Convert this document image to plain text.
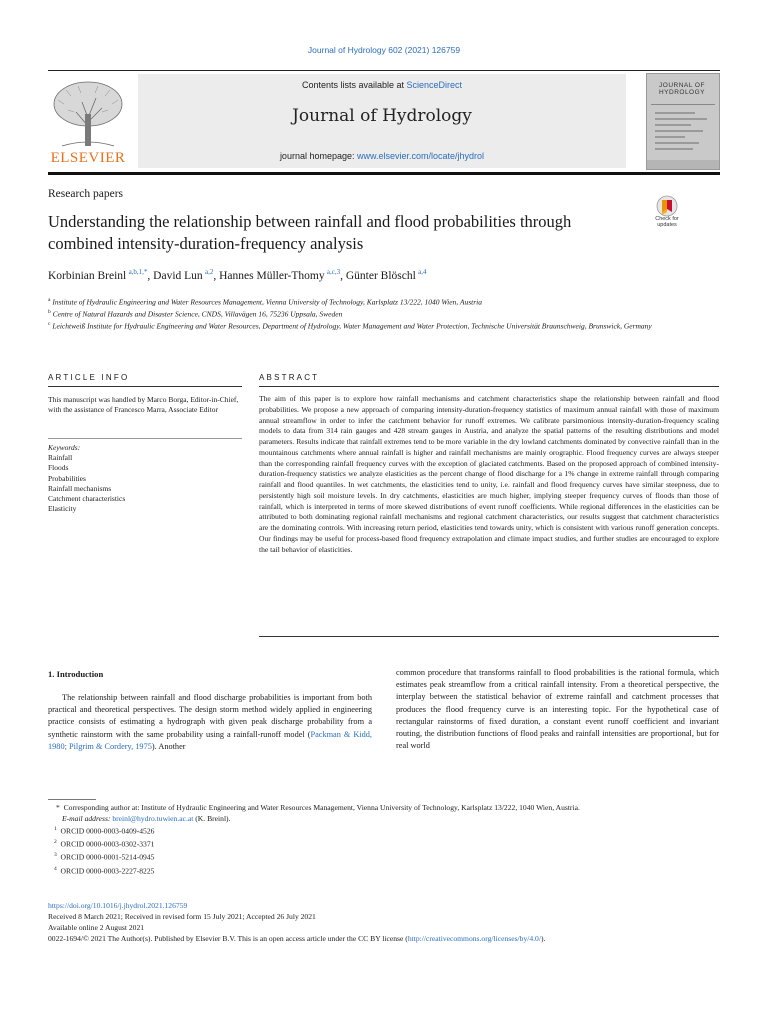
Journal of Hydrology 602 (2021) 126759
ELSEVIER
Contents lists available at ScienceDirect
Journal of Hydrology
journal homepage: www.elsevier.com/locate/jhydrol
JOURNAL OF HYDROLOGY
Research papers
Understanding the relationship between rainfall and flood probabilities through combined intensity-duration-frequency analysis
Check for updates
Korbinian Breinl  $^{a,b,1,*}$, David Lun  $^{a,2}$, Hannes Müller-Thomy  $^{a,c,3}$, Günter Blöschl  $^{a,4}$
$^a$ Institute of Hydraulic Engineering and Water Resources Management, Vienna University of Technology, Karlsplatz 13/222, 1040 Wien, Austria
$^b$ Centre of Natural Hazards and Disaster Science, CNDS, Villavägen 16, 75236 Uppsala, Sweden
$^c$ Leichtweiß Institute for Hydraulic Engineering and Water Resources, Department of Hydrology, Water Management and Water Protection, Technische Universität Braunschweig, Brunswick, Germany
ARTICLE INFO	ABSTRACT
This manuscript was handled by Marco Borga, Editor-in-Chief, with the assistance of Francesco Marra, Associate Editor
Keywords:
Rainfall
Floods
Probabilities
Rainfall mechanisms
Catchment characteristics
Elasticity
The aim of this paper is to explore how rainfall mechanisms and catchment characteristics shape the relationship between rainfall and flood probabilities. We propose a new approach of comparing intensity-duration-frequency statistics of maximum annual rainfall with those of maximum annual streamflow in order to infer the catchment behavior for runoff extremes. We calibrate parsimonious intensity-duration-frequency scaling models to data from 314 rain gauges and 428 stream gauges in Austria, and analyze the spatial patterns of the resulting distributions and model parameters. Results indicate that rainfall extremes tend to be more variable in the dry lowland catchments dominated by convective rainfall than in the mountainous catchments where annual rainfall is higher and rainfall mechanisms are mainly orographic. Flood frequency curves are always steeper than the corresponding rainfall frequency curves with the exception of glaciated catchments. Based on the proposed approach of combined intensity-duration-frequency statistics we analyze elasticities as the percent change of flood discharge for a 1% change in extreme rainfall through comparing rainfall and flood quantiles. In wet catchments, the elasticities tend to unity, i.e. rainfall and flood frequency curves have similar steepness, due to persistently high soil moisture levels. In dry catchments, elasticities are much higher, implying steeper frequency curves of floods than those of rainfall, which is interpreted in terms of more skewed distributions of event runoff coefficients. While regional differences in the elasticities can be attributed to both dominating regional rainfall mechanisms and regional catchment characteristics, our results suggest that catchment characteristics are the dominating controls. With increasing return period, elasticities tend towards unity, which is consistent with various runoff generation concepts. Our findings may be useful for process-based flood frequency extrapolation and climate impact studies, and further studies are encouraged to explore the tail behavior of elasticities.
1. Introduction
The relationship between rainfall and flood discharge probabilities is important from both practical and theoretical perspectives. The design storm method widely applied in engineering practice consists of estimating a hydrograph with given peak discharge probability from a synthetic rainstorm with the same probability using a rainfall-runoff model (Packman & Kidd, 1980; Pilgrim & Cordery, 1975). Another
common procedure that transforms rainfall to flood probabilities is the rational formula, which estimates peak streamflow from a critical rainfall intensity. From a theoretical perspective, the interplay between the statistical behavior of extreme rainfall and catchment processes that produces the flood frequency curve is an interesting topic. For the hypothetical case of rectangular rainstorms of fixed duration, a constant event runoff coefficient and invariant routing, the distribution functions of flood peaks and rainfall intensities are proportional, but for real world
* Corresponding author at: Institute of Hydraulic Engineering and Water Resources Management, Vienna University of Technology, Karlsplatz 13/222, 1040 Wien, Austria.
E-mail address: breinl@hydro.tuwien.ac.at (K. Breinl).
$^1$ ORCID 0000-0003-0409-4526
$^2$ ORCID 0000-0003-0302-3371
$^3$ ORCID 0000-0001-5214-0945
$^4$ ORCID 0000-0003-2227-8225
https://doi.org/10.1016/j.jhydrol.2021.126759
Received 8 March 2021; Received in revised form 15 July 2021; Accepted 26 July 2021
Available online 2 August 2021
0022-1694/© 2021 The Author(s). Published by Elsevier B.V. This is an open access article under the CC BY license (http://creativecommons.org/licenses/by/4.0/).
